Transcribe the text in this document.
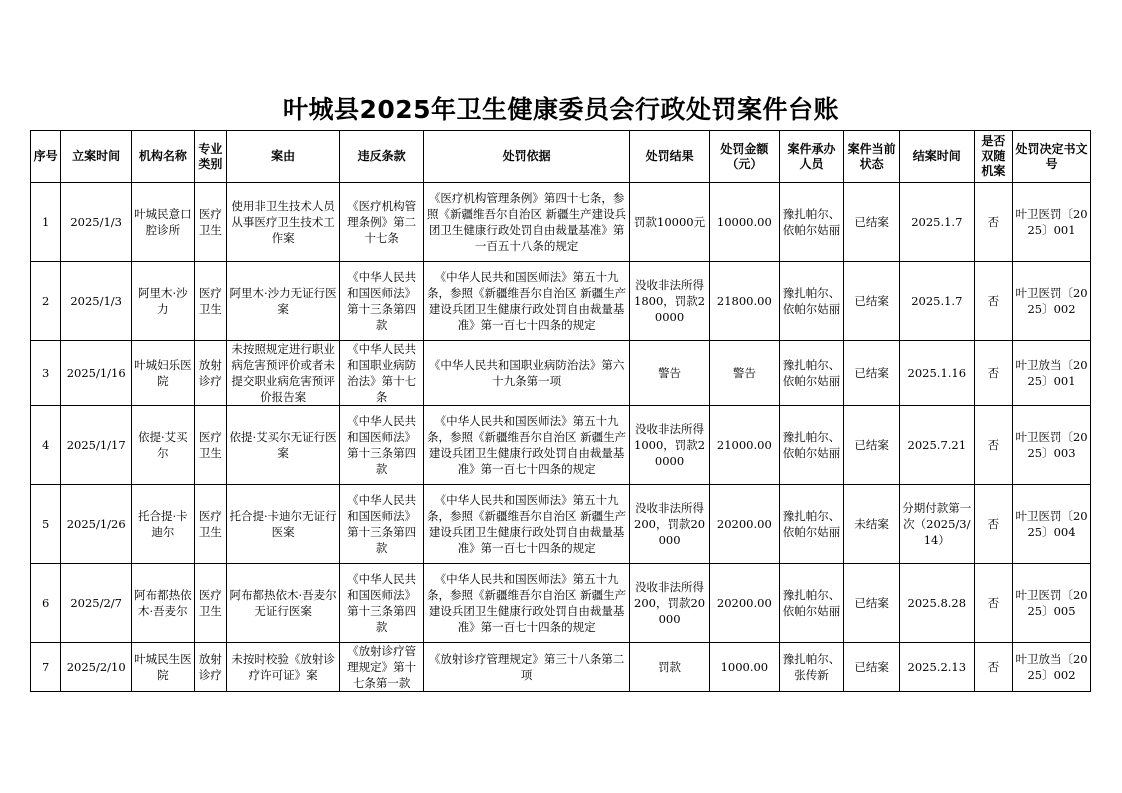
叶城县2025年卫生健康委员会行政处罚案件台账
序号	立案时间	机构名称	专业类别	案由	违反条款	处罚依据	处罚结果	处罚金额（元）	案件承办人员	案件当前状态	结案时间	是否双随机案	处罚决定书文号
1	2025/1/3	叶城民意口腔诊所	医疗卫生	使用非卫生技术人员从事医疗卫生技术工作案	《医疗机构管理条例》第二十七条	《医疗机构管理条例》第四十七条，参照《新疆维吾尔自治区 新疆生产建设兵团卫生健康行政处罚自由裁量基准》第一百五十八条的规定	罚款10000元	10000.00	豫扎帕尔、依帕尔姑丽	已结案	2025.1.7	否	叶卫医罚〔2025〕001
2	2025/1/3	阿里木·沙力	医疗卫生	阿里木·沙力无证行医案	《中华人民共和国医师法》第十三条第四款	《中华人民共和国医师法》第五十九条，参照《新疆维吾尔自治区 新疆生产建设兵团卫生健康行政处罚自由裁量基准》第一百七十四条的规定	没收非法所得1800，罚款20000	21800.00	豫扎帕尔、依帕尔姑丽	已结案	2025.1.7	否	叶卫医罚〔2025〕002
3	2025/1/16	叶城妇乐医院	放射诊疗	未按照规定进行职业病危害预评价或者未提交职业病危害预评价报告案	《中华人民共和国职业病防治法》第十七条	《中华人民共和国职业病防治法》第六十九条第一项	警告	警告	豫扎帕尔、依帕尔姑丽	已结案	2025.1.16	否	叶卫放当〔2025〕001
4	2025/1/17	依提·艾买尔	医疗卫生	依提·艾买尔无证行医案	《中华人民共和国医师法》第十三条第四款	《中华人民共和国医师法》第五十九条，参照《新疆维吾尔自治区 新疆生产建设兵团卫生健康行政处罚自由裁量基准》第一百七十四条的规定	没收非法所得1000，罚款20000	21000.00	豫扎帕尔、依帕尔姑丽	已结案	2025.7.21	否	叶卫医罚〔2025〕003
5	2025/1/26	托合提·卡迪尔	医疗卫生	托合提·卡迪尔无证行医案	《中华人民共和国医师法》第十三条第四款	《中华人民共和国医师法》第五十九条，参照《新疆维吾尔自治区 新疆生产建设兵团卫生健康行政处罚自由裁量基准》第一百七十四条的规定	没收非法所得200，罚款20000	20200.00	豫扎帕尔、依帕尔姑丽	未结案	分期付款第一次（2025/3/14）	否	叶卫医罚〔2025〕004
6	2025/2/7	阿布都热依木·吾麦尔	医疗卫生	阿布都热依木·吾麦尔无证行医案	《中华人民共和国医师法》第十三条第四款	《中华人民共和国医师法》第五十九条，参照《新疆维吾尔自治区 新疆生产建设兵团卫生健康行政处罚自由裁量基准》第一百七十四条的规定	没收非法所得200，罚款20000	20200.00	豫扎帕尔、依帕尔姑丽	已结案	2025.8.28	否	叶卫医罚〔2025〕005
7	2025/2/10	叶城民生医院	放射诊疗	未按时校验《放射诊疗许可证》案	《放射诊疗管理规定》第十七条第一款	《放射诊疗管理规定》第三十八条第二项	罚款	1000.00	豫扎帕尔、张传新	已结案	2025.2.13	否	叶卫放当〔2025〕002
